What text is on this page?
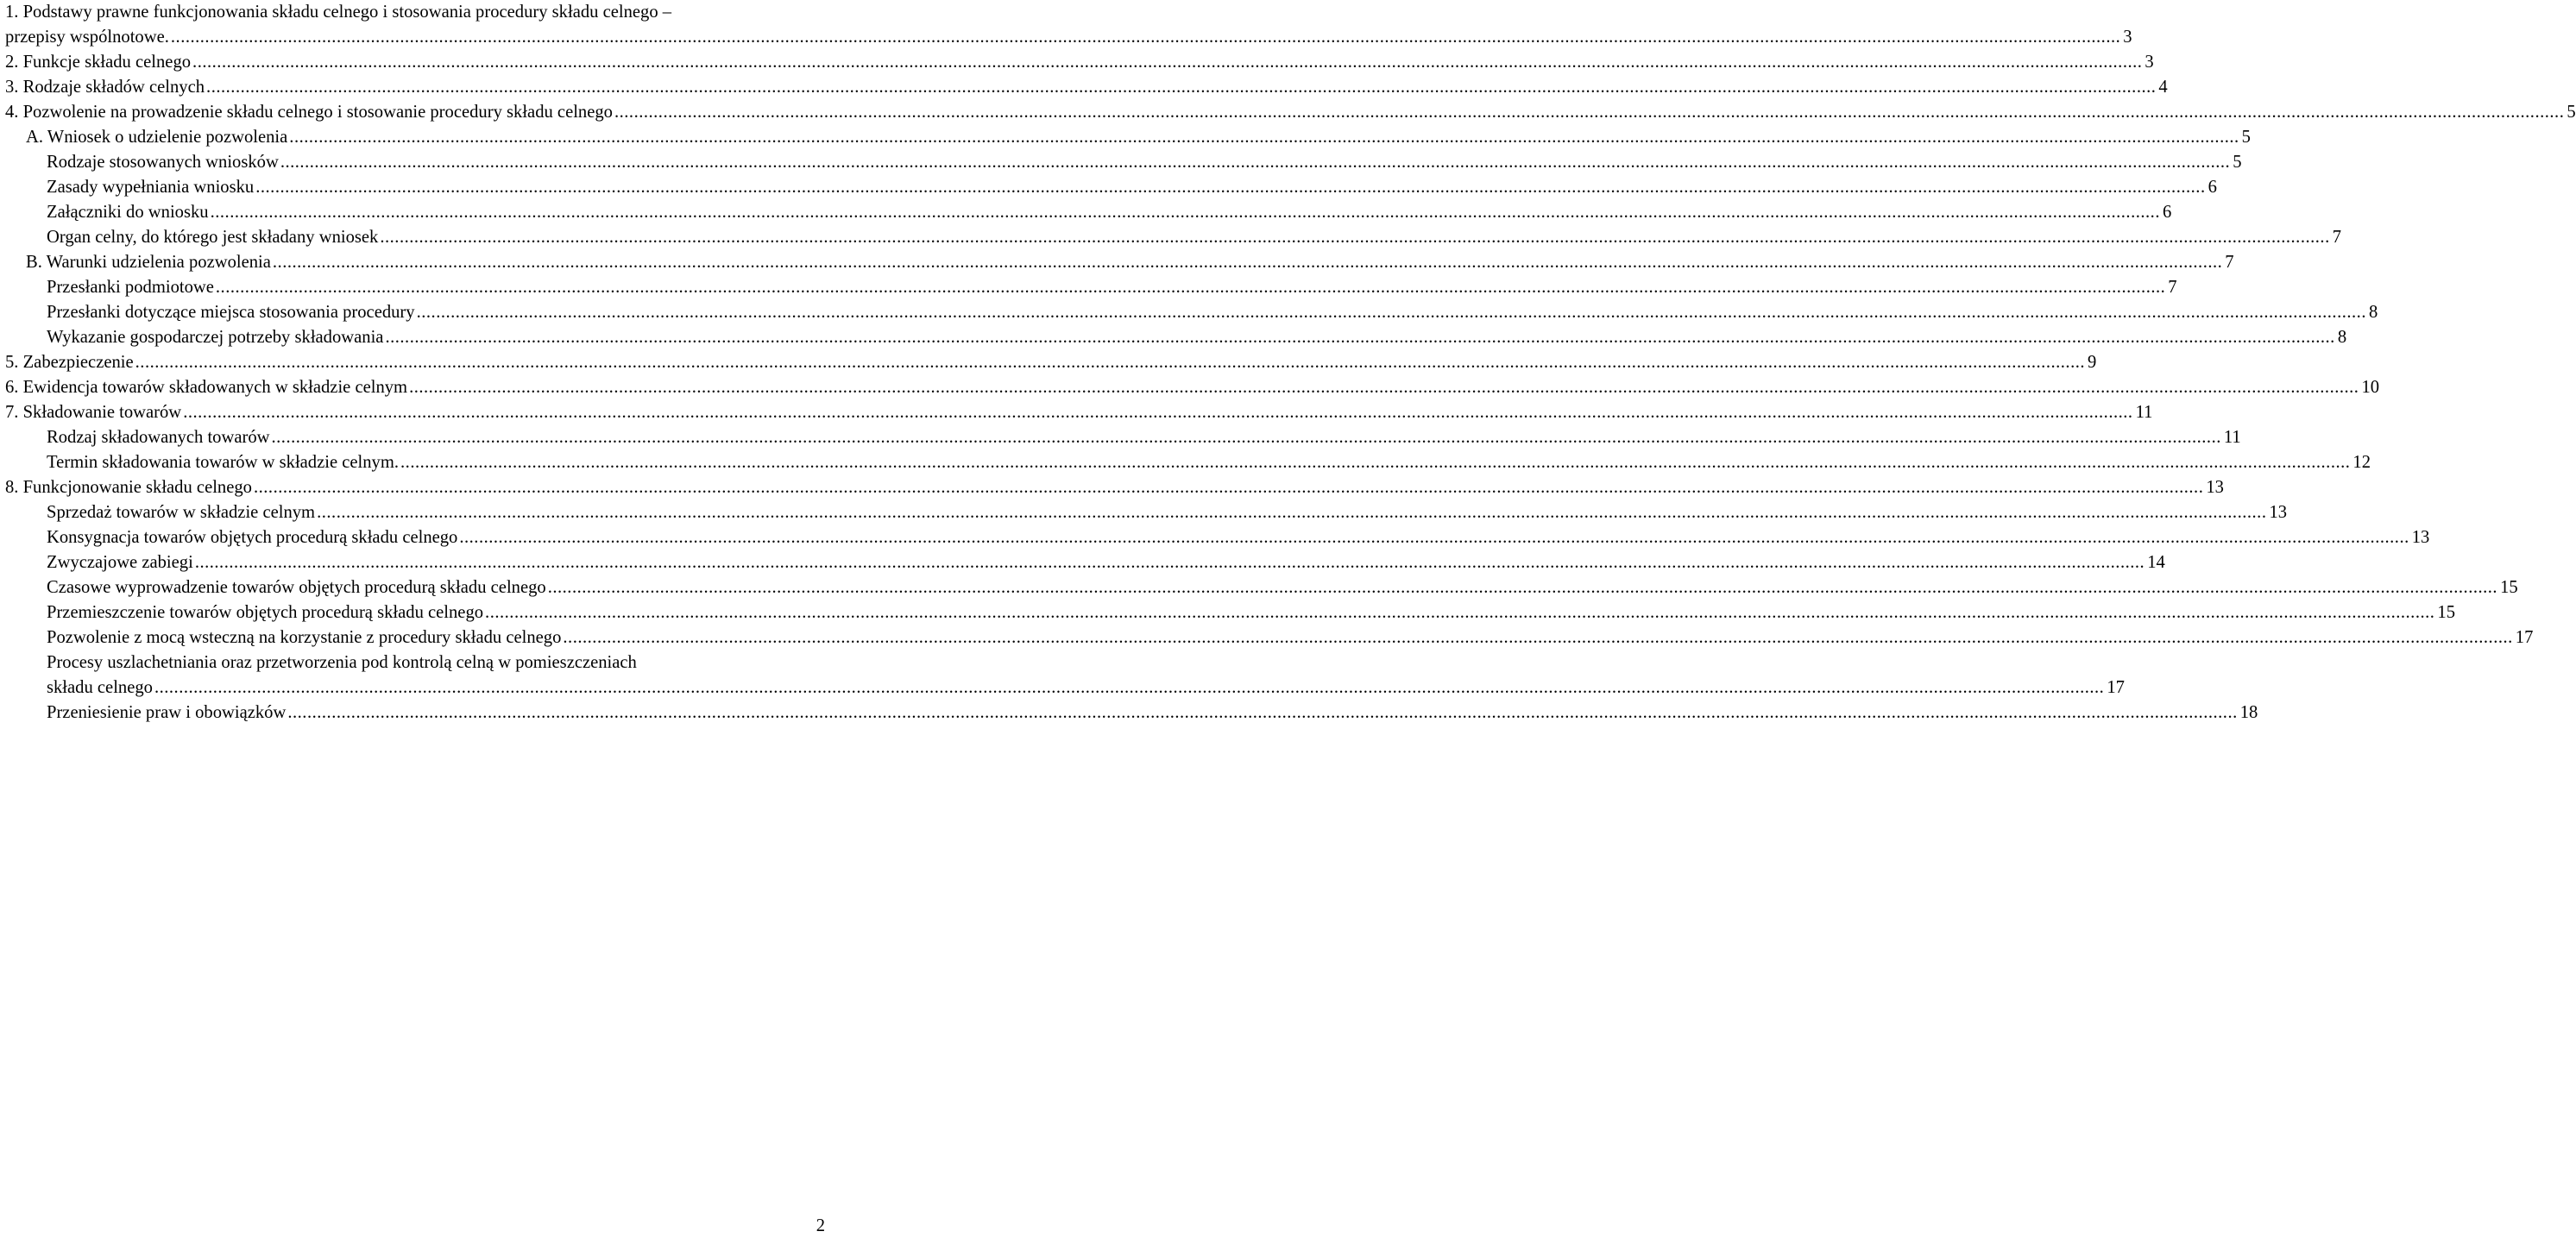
1. Podstawy prawne funkcjonowania składu celnego i stosowania procedury składu celnego –
przepisy wspólnotowe. ................................................................................................................................................................................................................................................................................................................................................................................................................ 3
2. Funkcje składu celnego ................................................................................................................................................................................................................................................................................................................................................................................................................ 3
3. Rodzaje składów celnych ................................................................................................................................................................................................................................................................................................................................................................................................................ 4
4. Pozwolenie na prowadzenie składu celnego i stosowanie procedury składu celnego ................................................................................................................................................................................................................................................................................................................................................................................................................ 5
A. Wniosek o udzielenie pozwolenia ................................................................................................................................................................................................................................................................................................................................................................................................................ 5
Rodzaje stosowanych wniosków ................................................................................................................................................................................................................................................................................................................................................................................................................ 5
Zasady wypełniania wniosku ................................................................................................................................................................................................................................................................................................................................................................................................................ 6
Załączniki do wniosku ................................................................................................................................................................................................................................................................................................................................................................................................................ 6
Organ celny, do którego jest składany wniosek ................................................................................................................................................................................................................................................................................................................................................................................................................ 7
B. Warunki udzielenia pozwolenia ................................................................................................................................................................................................................................................................................................................................................................................................................ 7
Przesłanki podmiotowe ................................................................................................................................................................................................................................................................................................................................................................................................................ 7
Przesłanki dotyczące miejsca stosowania procedury ................................................................................................................................................................................................................................................................................................................................................................................................................ 8
Wykazanie gospodarczej potrzeby składowania ................................................................................................................................................................................................................................................................................................................................................................................................................ 8
5. Zabezpieczenie ................................................................................................................................................................................................................................................................................................................................................................................................................ 9
6. Ewidencja towarów składowanych w składzie celnym ................................................................................................................................................................................................................................................................................................................................................................................................................ 10
7. Składowanie towarów ................................................................................................................................................................................................................................................................................................................................................................................................................ 11
Rodzaj składowanych towarów ................................................................................................................................................................................................................................................................................................................................................................................................................ 11
Termin składowania towarów w składzie celnym. ................................................................................................................................................................................................................................................................................................................................................................................................................ 12
8. Funkcjonowanie składu celnego ................................................................................................................................................................................................................................................................................................................................................................................................................ 13
Sprzedaż towarów w składzie celnym ................................................................................................................................................................................................................................................................................................................................................................................................................ 13
Konsygnacja towarów objętych procedurą składu celnego ................................................................................................................................................................................................................................................................................................................................................................................................................ 13
Zwyczajowe zabiegi ................................................................................................................................................................................................................................................................................................................................................................................................................ 14
Czasowe wyprowadzenie towarów objętych procedurą składu celnego ................................................................................................................................................................................................................................................................................................................................................................................................................ 15
Przemieszczenie towarów objętych procedurą składu celnego ................................................................................................................................................................................................................................................................................................................................................................................................................ 15
Pozwolenie z mocą wsteczną na korzystanie z procedury składu celnego ................................................................................................................................................................................................................................................................................................................................................................................................................ 17
Procesy uszlachetniania oraz przetworzenia pod kontrolą celną w pomieszczeniach
składu celnego ................................................................................................................................................................................................................................................................................................................................................................................................................ 17
Przeniesienie praw i obowiązków ................................................................................................................................................................................................................................................................................................................................................................................................................ 18
2
